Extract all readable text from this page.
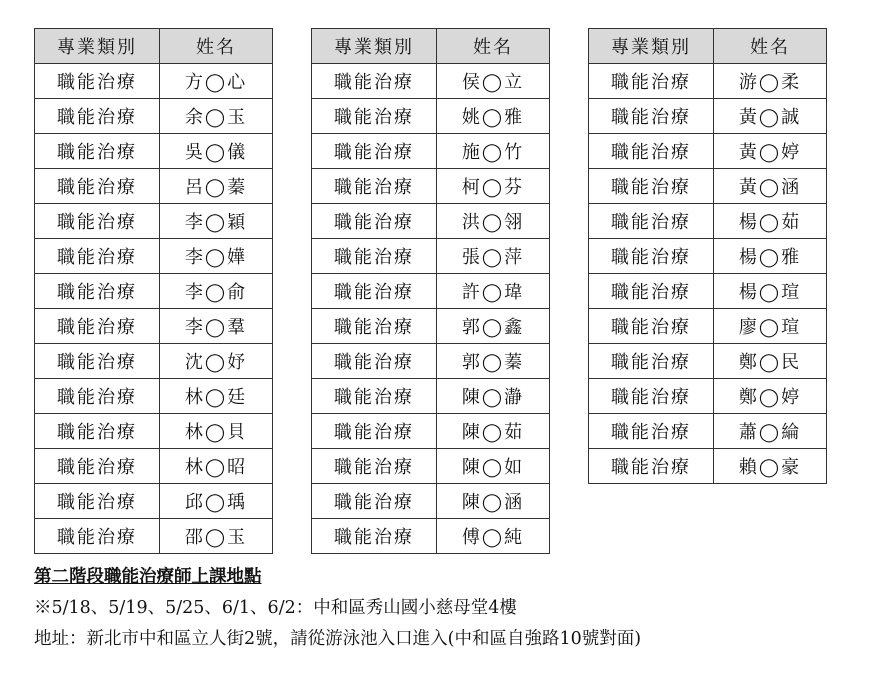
專業類別	姓名
職能治療	方◯心
職能治療	余◯玉
職能治療	吳◯儀
職能治療	呂◯蓁
職能治療	李◯穎
職能治療	李◯嬅
職能治療	李◯俞
職能治療	李◯羣
職能治療	沈◯妤
職能治療	林◯廷
職能治療	林◯貝
職能治療	林◯昭
職能治療	邱◯瑀
職能治療	邵◯玉
專業類別	姓名
職能治療	侯◯立
職能治療	姚◯雅
職能治療	施◯竹
職能治療	柯◯芬
職能治療	洪◯翎
職能治療	張◯萍
職能治療	許◯瑋
職能治療	郭◯鑫
職能治療	郭◯蓁
職能治療	陳◯瀞
職能治療	陳◯茹
職能治療	陳◯如
職能治療	陳◯涵
職能治療	傅◯純
專業類別	姓名
職能治療	游◯柔
職能治療	黃◯誠
職能治療	黃◯婷
職能治療	黃◯涵
職能治療	楊◯茹
職能治療	楊◯雅
職能治療	楊◯瑄
職能治療	廖◯瑄
職能治療	鄭◯民
職能治療	鄭◯婷
職能治療	蕭◯綸
職能治療	賴◯豪
第二階段職能治療師上課地點
※5/18、5/19、5/25、6/1、6/2：中和區秀山國小慈母堂4樓
地址：新北市中和區立人街2號，請從游泳池入口進入(中和區自強路10號對面)
